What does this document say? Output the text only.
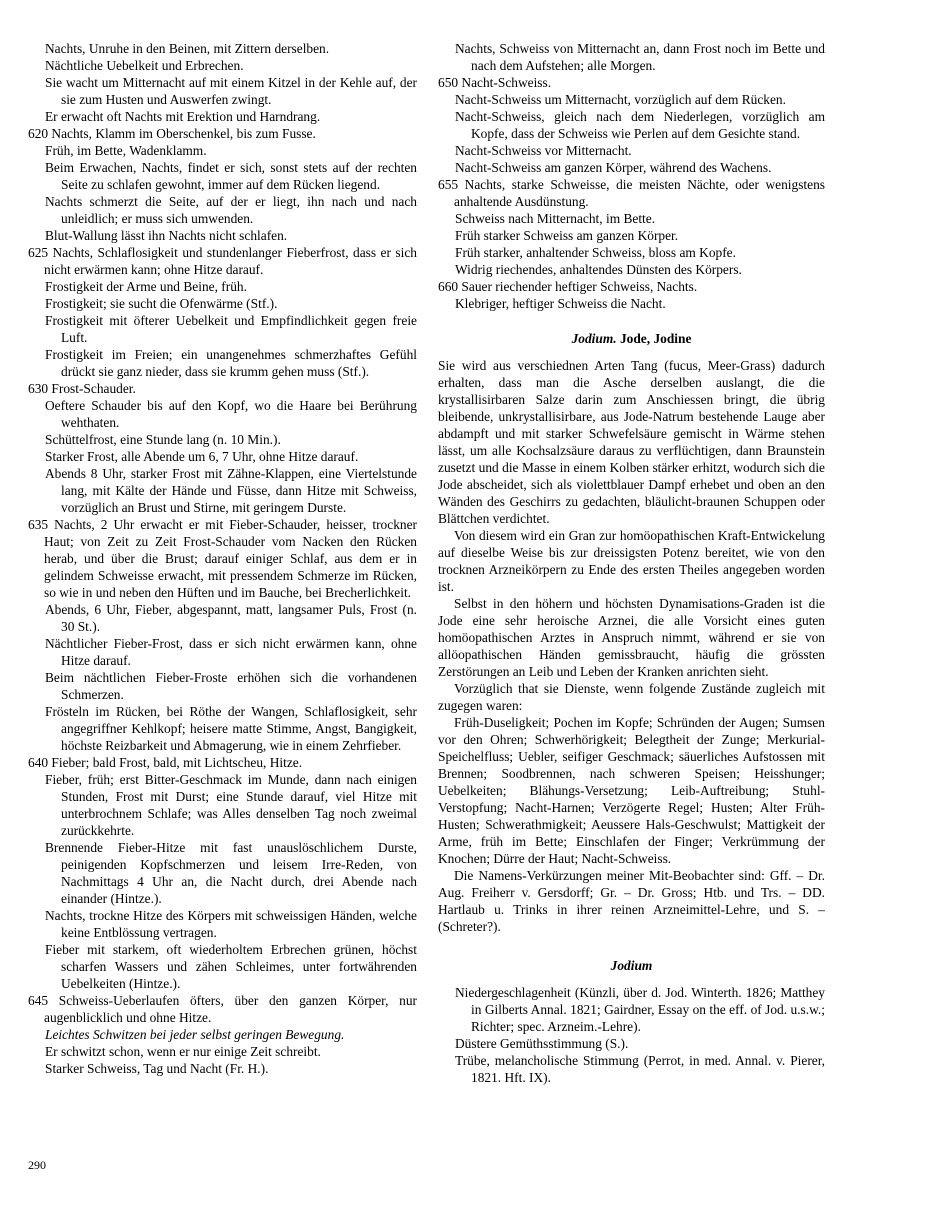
Nachts, Unruhe in den Beinen, mit Zittern derselben.
Nächtliche Uebelkeit und Erbrechen.
Sie wacht um Mitternacht auf mit einem Kitzel in der Kehle auf, der sie zum Husten und Auswerfen zwingt.
Er erwacht oft Nachts mit Erektion und Harndrang.
620 Nachts, Klamm im Oberschenkel, bis zum Fusse.
Früh, im Bette, Wadenklamm.
Beim Erwachen, Nachts, findet er sich, sonst stets auf der rechten Seite zu schlafen gewohnt, immer auf dem Rücken liegend.
Nachts schmerzt die Seite, auf der er liegt, ihn nach und nach unleidlich; er muss sich umwenden.
Blut-Wallung lässt ihn Nachts nicht schlafen.
625 Nachts, Schlaflosigkeit und stundenlanger Fieberfrost, dass er sich nicht erwärmen kann; ohne Hitze darauf.
Frostigkeit der Arme und Beine, früh.
Frostigkeit; sie sucht die Ofenwärme (Stf.).
Frostigkeit mit öfterer Uebelkeit und Empfindlichkeit gegen freie Luft.
Frostigkeit im Freien; ein unangenehmes schmerzhaftes Gefühl drückt sie ganz nieder, dass sie krumm gehen muss (Stf.).
630 Frost-Schauder.
Oeftere Schauder bis auf den Kopf, wo die Haare bei Berührung wehthaten.
Schüttelfrost, eine Stunde lang (n. 10 Min.).
Starker Frost, alle Abende um 6, 7 Uhr, ohne Hitze darauf.
Abends 8 Uhr, starker Frost mit Zähne-Klappen, eine Viertelstunde lang, mit Kälte der Hände und Füsse, dann Hitze mit Schweiss, vorzüglich an Brust und Stirne, mit geringem Durste.
635 Nachts, 2 Uhr erwacht er mit Fieber-Schauder, heisser, trockner Haut; von Zeit zu Zeit Frost-Schauder vom Nacken den Rücken herab, und über die Brust; darauf einiger Schlaf, aus dem er in gelindem Schweisse erwacht, mit pressendem Schmerze im Rücken, so wie in und neben den Hüften und im Bauche, bei Brecherlichkeit.
Abends, 6 Uhr, Fieber, abgespannt, matt, langsamer Puls, Frost (n. 30 St.).
Nächtlicher Fieber-Frost, dass er sich nicht erwärmen kann, ohne Hitze darauf.
Beim nächtlichen Fieber-Froste erhöhen sich die vorhandenen Schmerzen.
Frösteln im Rücken, bei Röthe der Wangen, Schlaflosigkeit, sehr angegriffner Kehlkopf; heisere matte Stimme, Angst, Bangigkeit, höchste Reizbarkeit und Abmagerung, wie in einem Zehrfieber.
640 Fieber; bald Frost, bald, mit Lichtscheu, Hitze.
Fieber, früh; erst Bitter-Geschmack im Munde, dann nach einigen Stunden, Frost mit Durst; eine Stunde darauf, viel Hitze mit unterbrochnem Schlafe; was Alles denselben Tag noch zweimal zurückkehrte.
Brennende Fieber-Hitze mit fast unauslöschlichem Durste, peinigenden Kopfschmerzen und leisem Irre-Reden, von Nachmittags 4 Uhr an, die Nacht durch, drei Abende nach einander (Hintze.).
Nachts, trockne Hitze des Körpers mit schweissigen Händen, welche keine Entblössung vertragen.
Fieber mit starkem, oft wiederholtem Erbrechen grünen, höchst scharfen Wassers und zähen Schleimes, unter fortwährenden Uebelkeiten (Hintze.).
645 Schweiss-Ueberlaufen öfters, über den ganzen Körper, nur augenblicklich und ohne Hitze.
Leichtes Schwitzen bei jeder selbst geringen Bewegung.
Er schwitzt schon, wenn er nur einige Zeit schreibt.
Starker Schweiss, Tag und Nacht (Fr. H.).
Nachts, Schweiss von Mitternacht an, dann Frost noch im Bette und nach dem Aufstehen; alle Morgen.
650 Nacht-Schweiss.
Nacht-Schweiss um Mitternacht, vorzüglich auf dem Rücken.
Nacht-Schweiss, gleich nach dem Niederlegen, vorzüglich am Kopfe, dass der Schweiss wie Perlen auf dem Gesichte stand.
Nacht-Schweiss vor Mitternacht.
Nacht-Schweiss am ganzen Körper, während des Wachens.
655 Nachts, starke Schweisse, die meisten Nächte, oder wenigstens anhaltende Ausdünstung.
Schweiss nach Mitternacht, im Bette.
Früh starker Schweiss am ganzen Körper.
Früh starker, anhaltender Schweiss, bloss am Kopfe.
Widrig riechendes, anhaltendes Dünsten des Körpers.
660 Sauer riechender heftiger Schweiss, Nachts.
Klebriger, heftiger Schweiss die Nacht.
Jodium. Jode, Jodine

Sie wird aus verschiednen Arten Tang (fucus, Meer-Grass) dadurch erhalten, dass man die Asche derselben auslangt, die die krystallisirbaren Salze darin zum Anschiessen bringt, die übrig bleibende, unkrystallisirbare, aus Jode-Natrum bestehende Lauge aber abdampft und mit starker Schwefelsäure gemischt in Wärme stehen lässt, um alle Kochsalzsäure daraus zu verflüchtigen, dann Braunstein zusetzt und die Masse in einem Kolben stärker erhitzt, wodurch sich die Jode abscheidet, sich als violettblauer Dampf erhebet und oben an den Wänden des Geschirrs zu gedachten, bläulicht-braunen Schuppen oder Blättchen verdichtet.

Von diesem wird ein Gran zur homöopathischen Kraft-Entwickelung auf dieselbe Weise bis zur dreissigsten Potenz bereitet, wie von den trocknen Arzneikörpern zu Ende des ersten Theiles angegeben worden ist.

Selbst in den höhern und höchsten Dynamisations-Graden ist die Jode eine sehr heroische Arznei, die alle Vorsicht eines guten homöopathischen Arztes in Anspruch nimmt, während er sie von allöopathischen Händen gemissbraucht, häufig die grössten Zerstörungen an Leib und Leben der Kranken anrichten sieht.

Vorzüglich that sie Dienste, wenn folgende Zustände zugleich mit zugegen waren:

Früh-Duseligkeit; Pochen im Kopfe; Schründen der Augen; Sumsen vor den Ohren; Schwerhörigkeit; Belegtheit der Zunge; Merkurial-Speichelfluss; Uebler, seifiger Geschmack; säuerliches Aufstossen mit Brennen; Soodbrennen, nach schweren Speisen; Heisshunger; Uebelkeiten; Blähungs-Versetzung; Leib-Auftreibung; Stuhl-Verstopfung; Nacht-Harnen; Verzögerte Regel; Husten; Alter Früh-Husten; Schwerathmigkeit; Aeussere Hals-Geschwulst; Mattigkeit der Arme, früh im Bette; Einschlafen der Finger; Verkrümmung der Knochen; Dürre der Haut; Nacht-Schweiss.

Die Namens-Verkürzungen meiner Mit-Beobachter sind: Gff. – Dr. Aug. Freiherr v. Gersdorff; Gr. – Dr. Gross; Htb. und Trs. – DD. Hartlaub u. Trinks in ihrer reinen Arzneimittel-Lehre, und S. – (Schreter?).

Jodium
Niedergeschlagenheit (Künzli, über d. Jod. Winterth. 1826; Matthey in Gilberts Annal. 1821; Gairdner, Essay on the eff. of Jod. u.s.w.; Richter; spec. Arzneim.-Lehre).
Düstere Gemüthsstimmung (S.).
Trübe, melancholische Stimmung (Perrot, in med. Annal. v. Pierer, 1821. Hft. IX).
290
